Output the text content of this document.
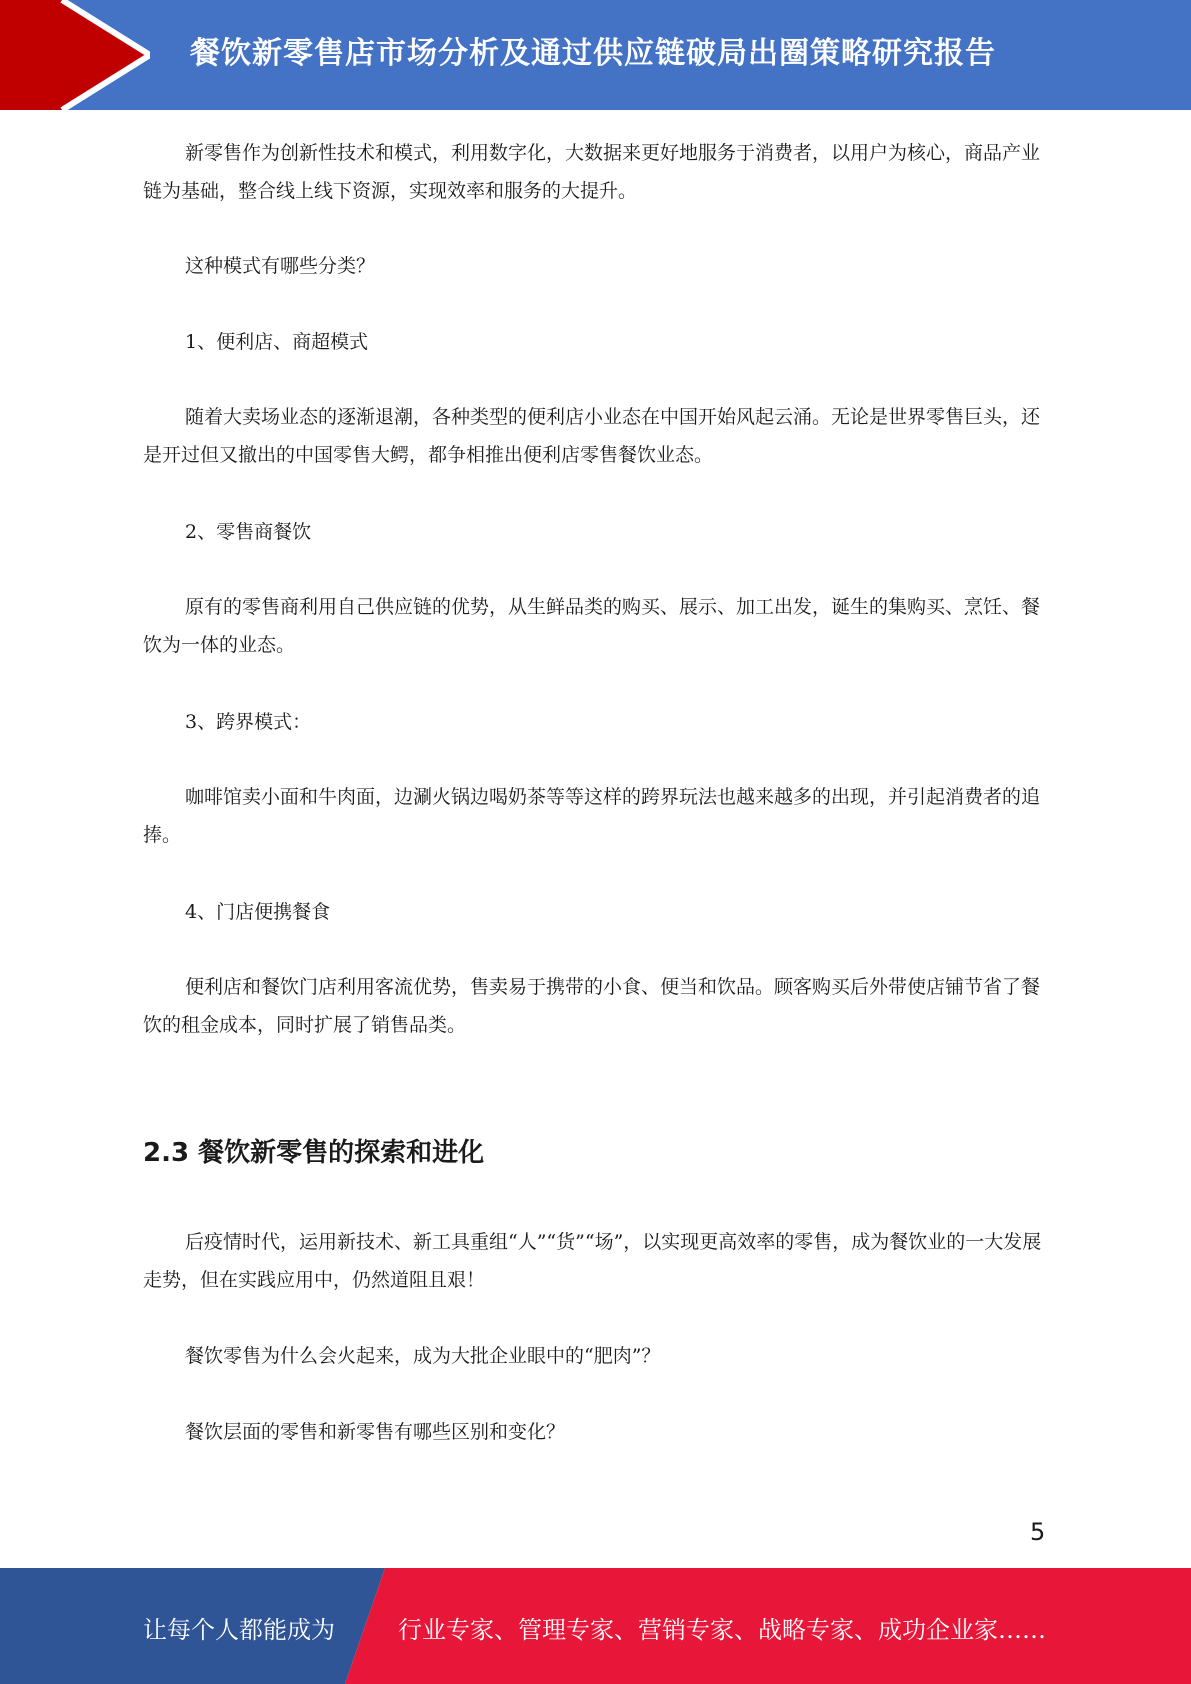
餐饮新零售店市场分析及通过供应链破局出圈策略研究报告

新零售作为创新性技术和模式，利用数字化，大数据来更好地服务于消费者，以用户为核心，商品产业链为基础，整合线上线下资源，实现效率和服务的大提升。

这种模式有哪些分类？

1、便利店、商超模式

随着大卖场业态的逐渐退潮，各种类型的便利店小业态在中国开始风起云涌。无论是世界零售巨头，还是开过但又撤出的中国零售大鳄，都争相推出便利店零售餐饮业态。

2、零售商餐饮

原有的零售商利用自己供应链的优势，从生鲜品类的购买、展示、加工出发，诞生的集购买、烹饪、餐饮为一体的业态。

3、跨界模式：

咖啡馆卖小面和牛肉面，边涮火锅边喝奶茶等等这样的跨界玩法也越来越多的出现，并引起消费者的追捧。

4、门店便携餐食

便利店和餐饮门店利用客流优势，售卖易于携带的小食、便当和饮品。顾客购买后外带使店铺节省了餐饮的租金成本，同时扩展了销售品类。

2.3 餐饮新零售的探索和进化

后疫情时代，运用新技术、新工具重组“人”“货”“场”，以实现更高效率的零售，成为餐饮业的一大发展走势，但在实践应用中，仍然道阻且艰！

餐饮零售为什么会火起来，成为大批企业眼中的“肥肉”？

餐饮层面的零售和新零售有哪些区别和变化？

5
让每个人都能成为	行业专家、管理专家、营销专家、战略专家、成功企业家……
